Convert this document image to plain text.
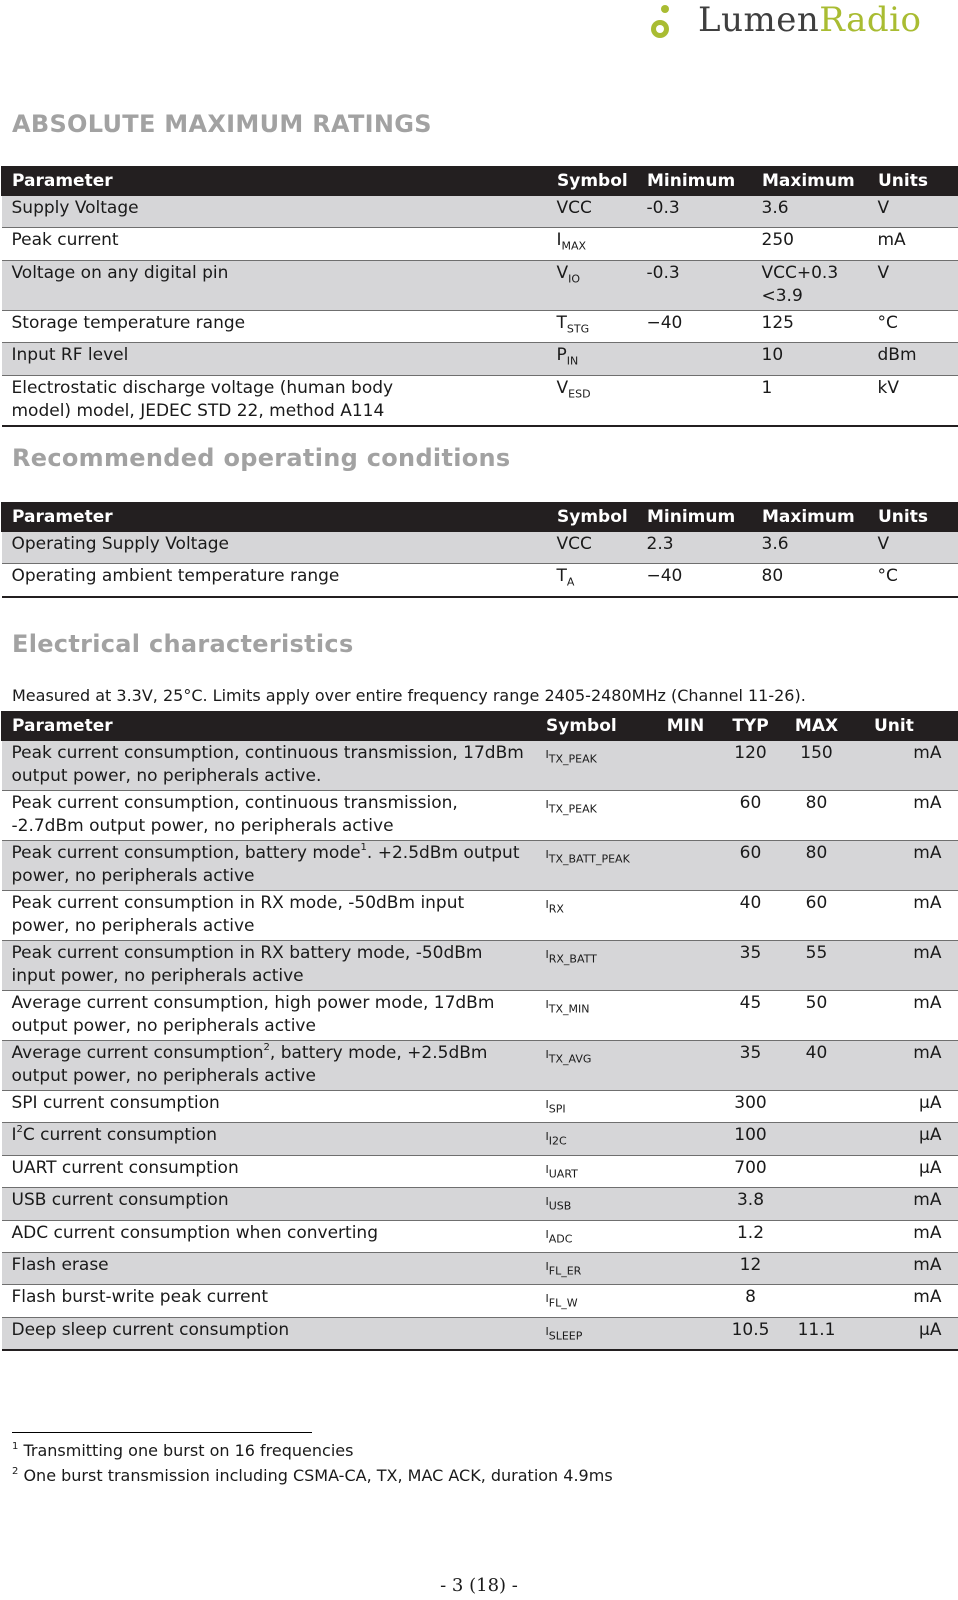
LumenRadio
ABSOLUTE MAXIMUM RATINGS
Parameter	Symbol	Minimum	Maximum	Units
Supply Voltage	VCC	-0.3	3.6	V
Peak current	$I_{MAX}$		250	mA
Voltage on any digital pin	$V_{IO}$	-0.3	VCC+0.3 <3.9	V
Storage temperature range	$T_{STG}$	−40	125	°C
Input RF level	$P_{IN}$		10	dBm
Electrostatic discharge voltage (human body model) model, JEDEC STD 22, method A114	$V_{ESD}$		1	kV
Recommended operating conditions
Parameter	Symbol	Minimum	Maximum	Units
Operating Supply Voltage	VCC	2.3	3.6	V
Operating ambient temperature range	$T_A$	−40	80	°C
Electrical characteristics
Measured at 3.3V, 25°C. Limits apply over entire frequency range 2405-2480MHz (Channel 11-26).
Parameter	Symbol	MIN	TYP	MAX	Unit
Peak current consumption, continuous transmission, 17dBm output power, no peripherals active.	$I_{TX\_PEAK}$		120	150	mA
Peak current consumption, continuous transmission, -2.7dBm output power, no peripherals active	$I_{TX\_PEAK}$		60	80	mA
Peak current consumption, battery mode$^1$. +2.5dBm output power, no peripherals active	$I_{TX\_BATT\_PEAK}$		60	80	mA
Peak current consumption in RX mode, -50dBm input power, no peripherals active	$I_{RX}$		40	60	mA
Peak current consumption in RX battery mode, -50dBm input power, no peripherals active	$I_{RX\_BATT}$		35	55	mA
Average current consumption, high power mode, 17dBm output power, no peripherals active	$I_{TX\_MIN}$		45	50	mA
Average current consumption$^2$, battery mode, +2.5dBm output power, no peripherals active	$I_{TX\_AVG}$		35	40	mA
SPI current consumption	$I_{SPI}$		300		µA
$I^2C$ current consumption	$I_{I2C}$		100		µA
UART current consumption	$I_{UART}$		700		µA
USB current consumption	$I_{USB}$		3.8		mA
ADC current consumption when converting	$I_{ADC}$		1.2		mA
Flash erase	$I_{FL\_ER}$		12		mA
Flash burst-write peak current	$I_{FL\_W}$		8		mA
Deep sleep current consumption	$I_{SLEEP}$		10.5	11.1	µA
$^1$ Transmitting one burst on 16 frequencies
$^2$ One burst transmission including CSMA-CA, TX, MAC ACK, duration 4.9ms
- 3 (18) -
